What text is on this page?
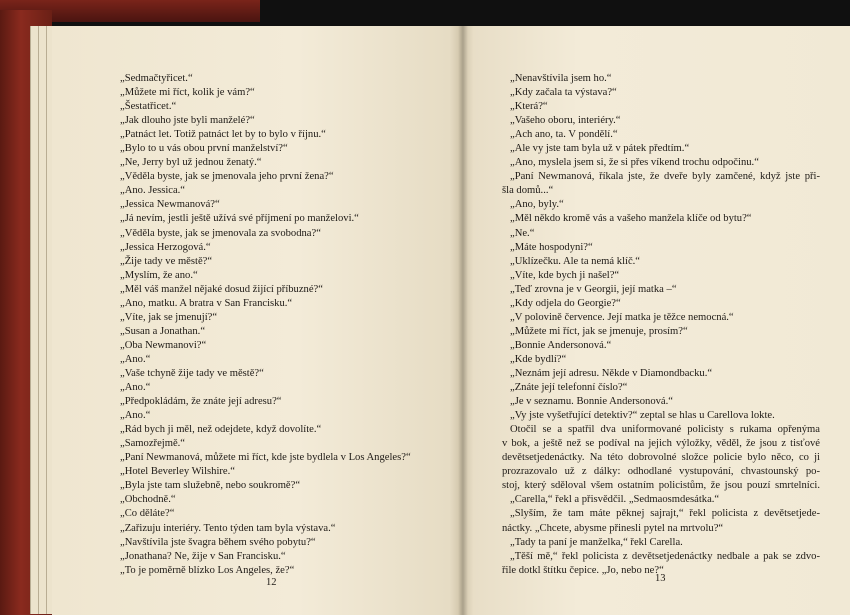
„Sedmačtyřicet.“
„Můžete mi říct, kolik je vám?“
„Šestatřicet.“
„Jak dlouho jste byli manželé?“
„Patnáct let. Totiž patnáct let by to bylo v říjnu.“
„Bylo to u vás obou první manželství?“
„Ne, Jerry byl už jednou ženatý.“
„Věděla byste, jak se jmenovala jeho první žena?“
„Ano. Jessica.“
„Jessica Newmanová?“
„Já nevím, jestli ještě užívá své příjmení po manželovi.“
„Věděla byste, jak se jmenovala za svobodna?“
„Jessica Herzogová.“
„Žije tady ve městě?“
„Myslím, že ano.“
„Měl váš manžel nějaké dosud žijící příbuzné?“
„Ano, matku. A bratra v San Francisku.“
„Víte, jak se jmenují?“
„Susan a Jonathan.“
„Oba Newmanovi?“
„Ano.“
„Vaše tchyně žije tady ve městě?“
„Ano.“
„Předpokládám, že znáte její adresu?“
„Ano.“
„Rád bych ji měl, než odejdete, když dovolíte.“
„Samozřejmě.“
„Paní Newmanová, můžete mi říct, kde jste bydlela v Los Angeles?“
„Hotel Beverley Wilshire.“
„Byla jste tam služebně, nebo soukromě?“
„Obchodně.“
„Co děláte?“
„Zařizuju interiéry. Tento týden tam byla výstava.“
„Navštívila jste švagra během svého pobytu?“
„Jonathana? Ne, žije v San Francisku.“
„To je poměrně blízko Los Angeles, že?“
„Nenavštívila jsem ho.“
„Kdy začala ta výstava?“
„Která?“
„Vašeho oboru, interiéry.“
„Ach ano, ta. V pondělí.“
„Ale vy jste tam byla už v pátek předtím.“
„Ano, myslela jsem si, že si přes víkend trochu odpočinu.“
„Paní Newmanová, říkala jste, že dveře byly zamčené, když jste při-
šla domů...“
„Ano, byly.“
„Měl někdo kromě vás a vašeho manžela klíče od bytu?“
„Ne.“
„Máte hospodyni?“
„Uklízečku. Ale ta nemá klíč.“
„Víte, kde bych ji našel?“
„Teď zrovna je v Georgii, její matka –“
„Kdy odjela do Georgie?“
„V polovině července. Její matka je těžce nemocná.“
„Můžete mi říct, jak se jmenuje, prosím?“
„Bonnie Andersonová.“
„Kde bydlí?“
„Neznám její adresu. Někde v Diamondbacku.“
„Znáte její telefonní číslo?“
„Je v seznamu. Bonnie Andersonová.“
„Vy jste vyšetřující detektiv?“ zeptal se hlas u Carellova lokte.
Otočil se a spatřil dva uniformované policisty s rukama opřenýma
v bok, a ještě než se podíval na jejich výložky, věděl, že jsou z tisťové
devětsetjedenáctky. Na této dobrovolné složce policie bylo něco, co ji
prozrazovalo už z dálky: odhodlané vystupování, chvastounský po-
stoj, který sděloval všem ostatním policistům, že jsou pouzí smrtelníci.
„Carella,“ řekl a přisvědčil. „Sedmaosmdesátka.“
„Slyším, že tam máte pěknej sajrajt,“ řekl policista z devětsetjede-
náctky. „Chcete, abysme přinesli pytel na mrtvolu?“
„Tady ta paní je manželka,“ řekl Carella.
„Těší mě,“ řekl policista z devětsetjedenáctky nedbale a pak se zdvo-
řile dotkl štítku čepice. „Jo, nebo ne?“
12	13
